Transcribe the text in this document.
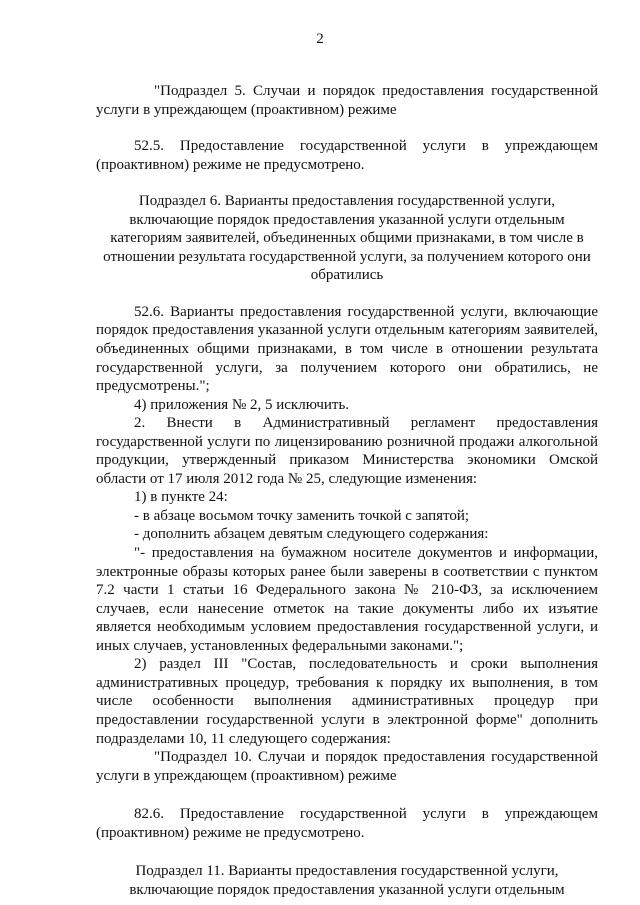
2

"Подраздел 5. Случаи и порядок предоставления государственной услуги в упреждающем (проактивном) режиме

52.5. Предоставление государственной услуги в упреждающем (проактивном) режиме не предусмотрено.

Подраздел 6. Варианты предоставления государственной услуги, включающие порядок предоставления указанной услуги отдельным категориям заявителей, объединенных общими признаками, в том числе в отношении результата государственной услуги, за получением которого они обратились

52.6. Варианты предоставления государственной услуги, включающие порядок предоставления указанной услуги отдельным категориям заявителей, объединенных общими признаками, в том числе в отношении результата государственной услуги, за получением которого они обратились, не предусмотрены.";

4) приложения № 2, 5 исключить.

2. Внести в Административный регламент предоставления государственной услуги по лицензированию розничной продажи алкогольной продукции, утвержденный приказом Министерства экономики Омской области от 17 июля 2012 года № 25, следующие изменения:

1) в пункте 24:

- в абзаце восьмом точку заменить точкой с запятой;

- дополнить абзацем девятым следующего содержания:

"- предоставления на бумажном носителе документов и информации, электронные образы которых ранее были заверены в соответствии с пунктом 7.2 части 1 статьи 16 Федерального закона № 210-ФЗ, за исключением случаев, если нанесение отметок на такие документы либо их изъятие является необходимым условием предоставления государственной услуги, и иных случаев, установленных федеральными законами.";

2) раздел III "Состав, последовательность и сроки выполнения административных процедур, требования к порядку их выполнения, в том числе особенности выполнения административных процедур при предоставлении государственной услуги в электронной форме" дополнить подразделами 10, 11 следующего содержания:

"Подраздел 10. Случаи и порядок предоставления государственной услуги в упреждающем (проактивном) режиме

82.6. Предоставление государственной услуги в упреждающем (проактивном) режиме не предусмотрено.

Подраздел 11. Варианты предоставления государственной услуги, включающие порядок предоставления указанной услуги отдельным
